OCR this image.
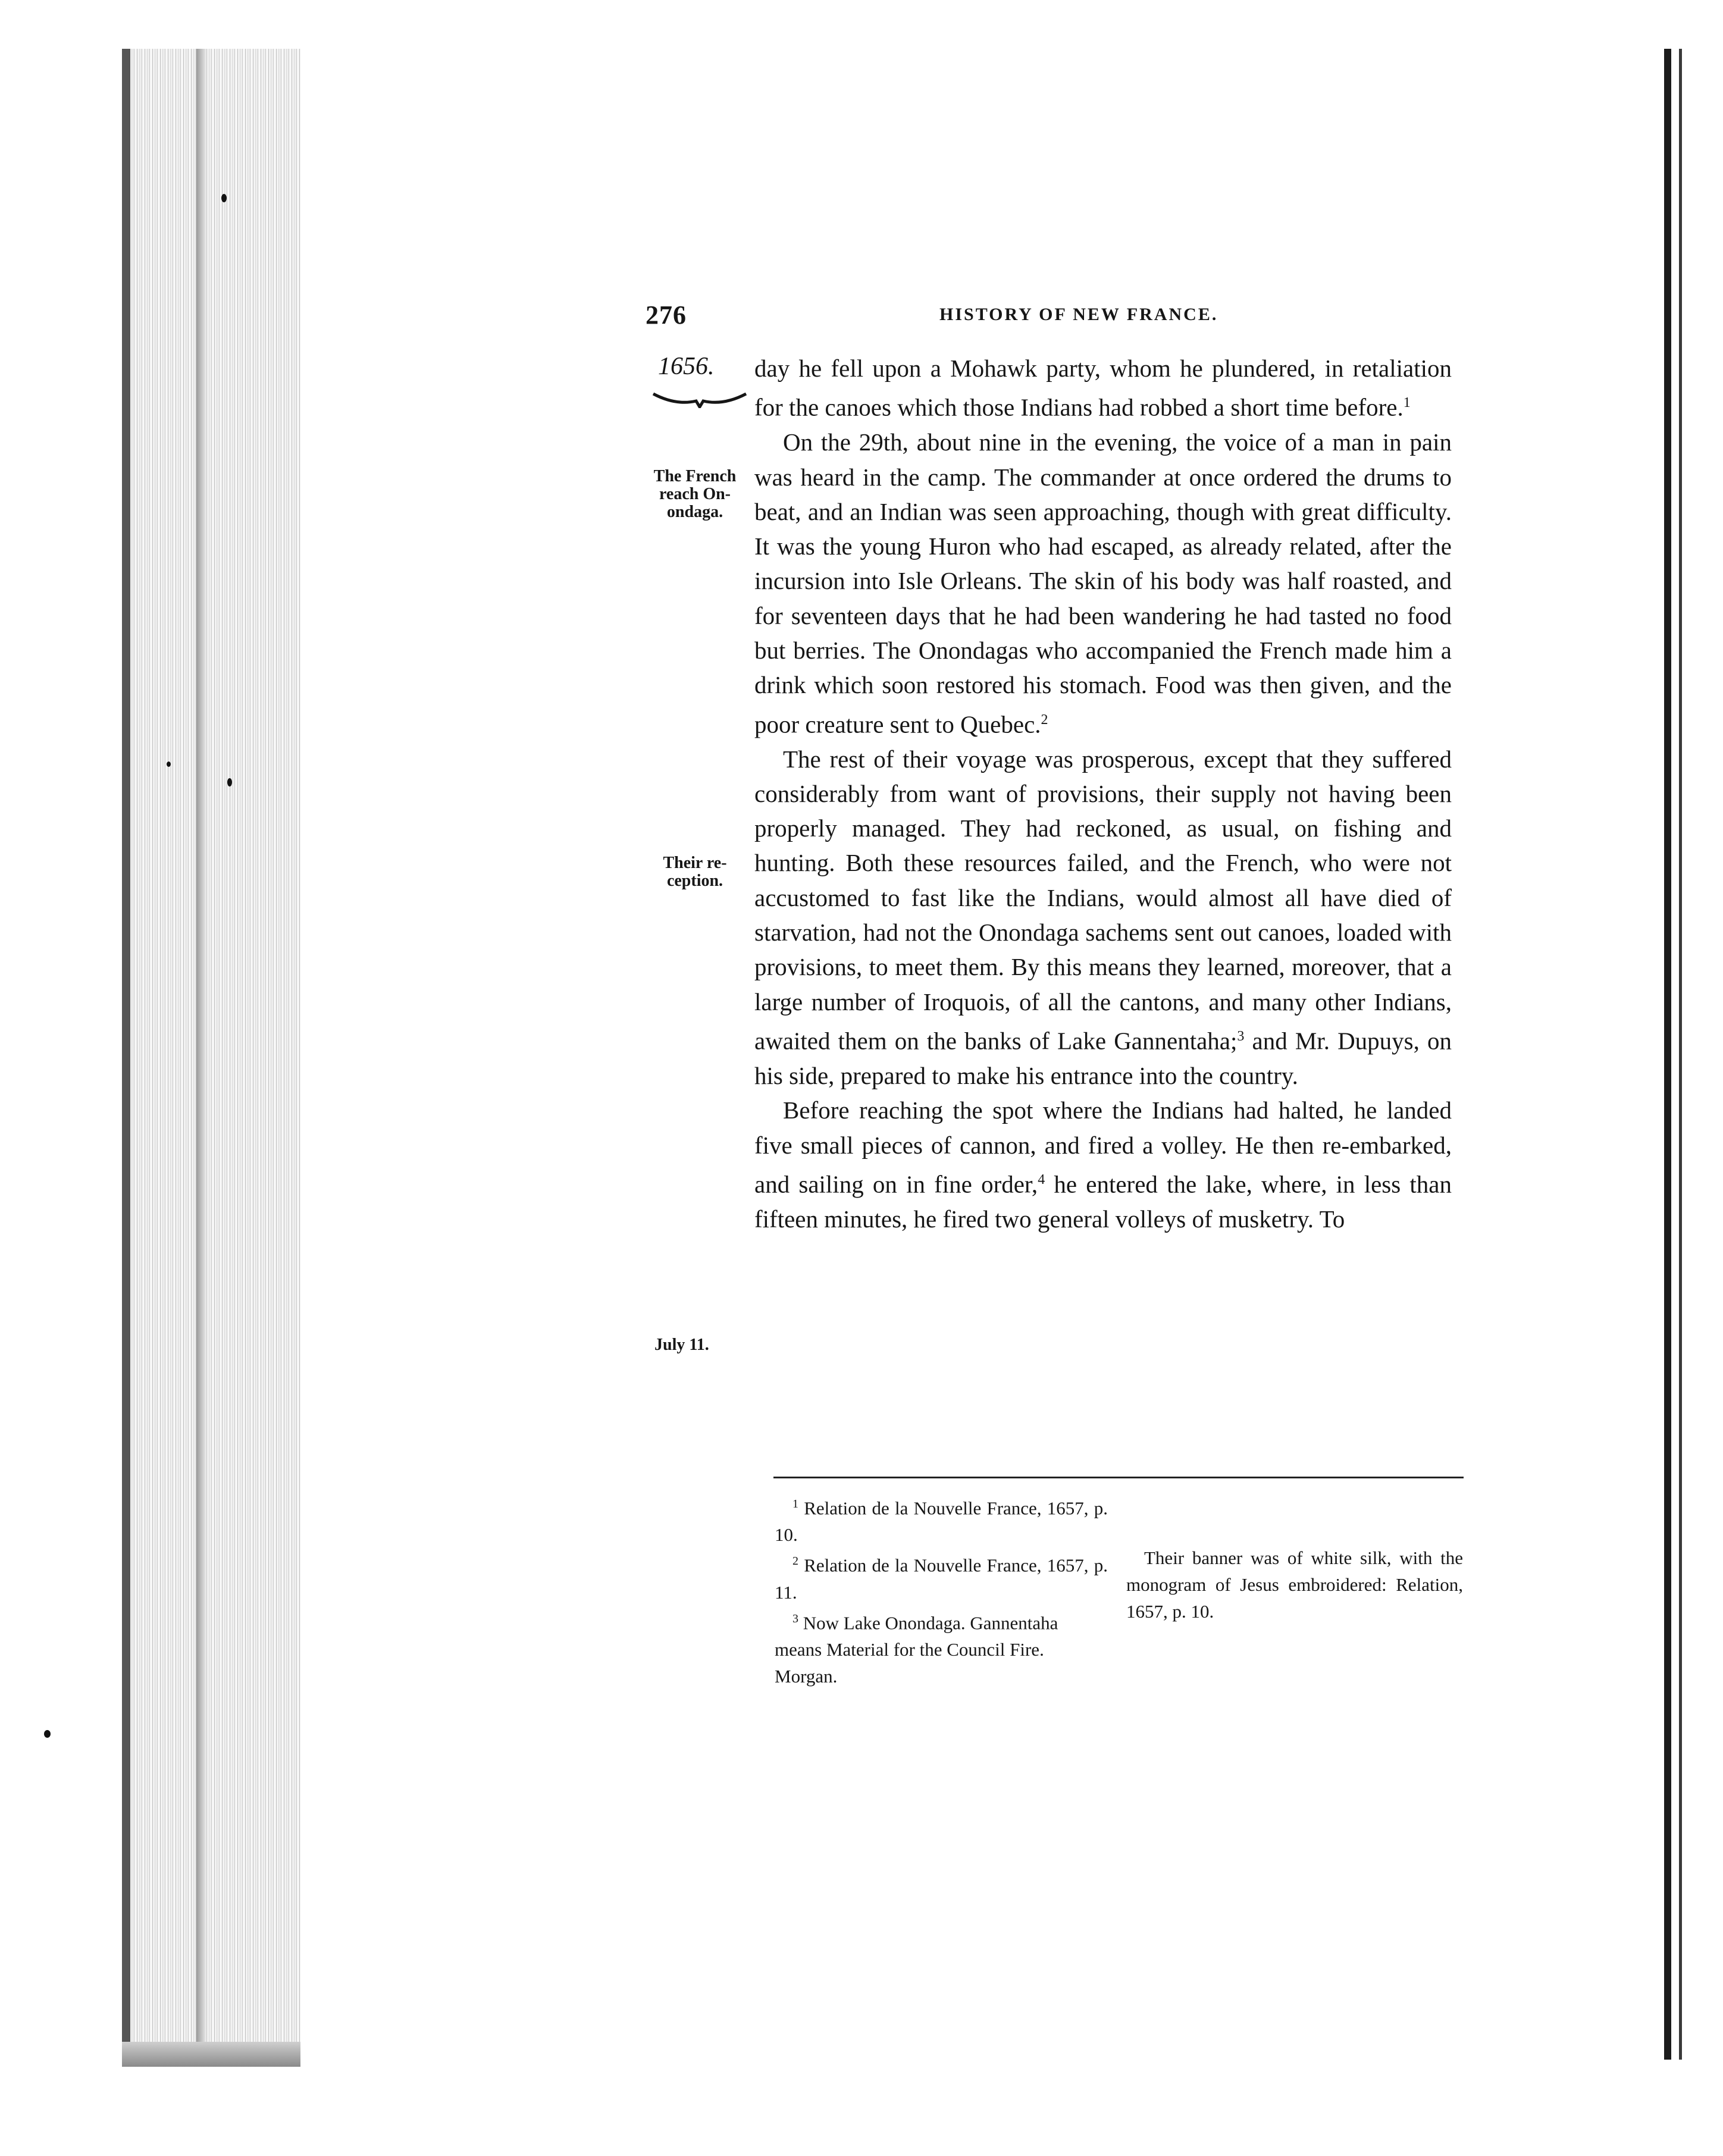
276	HISTORY OF NEW FRANCE.
1656.
The French
reach On-
ondaga.
Their re-
ception.
July 11.

day he fell upon a Mohawk party, whom he plundered, in retaliation for the canoes which those Indians had robbed a short time before.$^1$

On the 29th, about nine in the evening, the voice of a man in pain was heard in the camp. The commander at once ordered the drums to beat, and an Indian was seen approaching, though with great difficulty. It was the young Huron who had escaped, as already related, after the incursion into Isle Orleans. The skin of his body was half roasted, and for seventeen days that he had been wandering he had tasted no food but berries. The Onondagas who accompanied the French made him a drink which soon restored his stomach. Food was then given, and the poor creature sent to Quebec.$^2$

The rest of their voyage was prosperous, except that they suffered considerably from want of provisions, their supply not having been properly managed. They had reckoned, as usual, on fishing and hunting. Both these resources failed, and the French, who were not accustomed to fast like the Indians, would almost all have died of starvation, had not the Onondaga sachems sent out canoes, loaded with provisions, to meet them. By this means they learned, moreover, that a large number of Iroquois, of all the cantons, and many other Indians, awaited them on the banks of Lake Gannentaha;$^3$ and Mr. Dupuys, on his side, prepared to make his entrance into the country.

Before reaching the spot where the Indians had halted, he landed five small pieces of cannon, and fired a volley. He then re-embarked, and sailing on in fine order,$^4$ he entered the lake, where, in less than fifteen minutes, he fired two general volleys of musketry. To

$^1$ Relation de la Nouvelle France, 1657, p. 10.

$^2$ Relation de la Nouvelle France, 1657, p. 11.

$^3$ Now Lake Onondaga. Gannentaha means Material for the Council Fire. Morgan.

Their banner was of white silk, with the monogram of Jesus embroidered: Relation, 1657, p. 10.
